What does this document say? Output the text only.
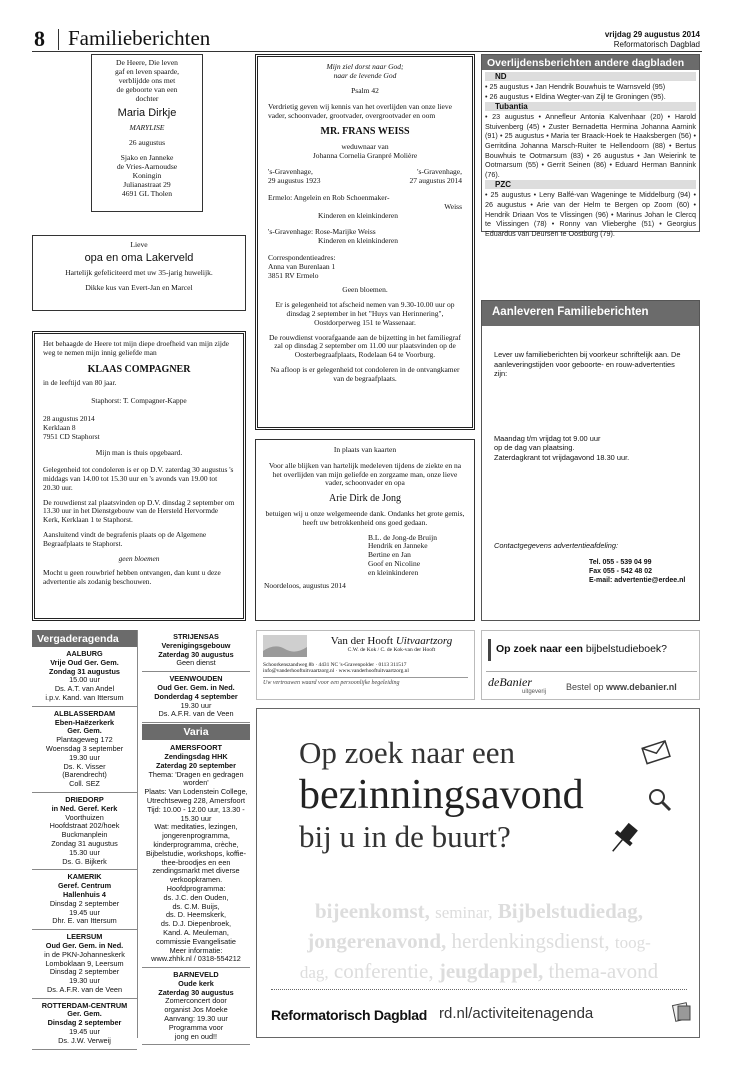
8 Familieberichten	vrijdag 29 augustus 2014
Reformatorisch Dagblad
De Heere, Die leven
gaf en leven spaarde,
verblijdde ons met
de geboorte van een
dochter
Maria Dirkje
MARYLISE
26 augustus
Sjako en Janneke
de Vries-Aarnoudse
Koningin
Julianastraat 29
4691 GL Tholen
Lieve
opa en oma Lakerveld
Hartelijk gefeliciteerd met uw 35-jarig huwelijk.
Dikke kus van Evert-Jan en Marcel
Het behaagde de Heere tot mijn diepe droefheid van mijn zijde weg te nemen mijn innig geliefde man
KLAAS COMPAGNER
in de leeftijd van 80 jaar.
Staphorst: T. Compagner-Kappe
28 augustus 2014
Kerklaan 8
7951 CD Staphorst
Mijn man is thuis opgebaard.
Gelegenheid tot condoleren is er op D.V. zaterdag 30 augustus 's middags van 14.00 tot 15.30 uur en 's avonds van 19.00 tot 20.30 uur.
De rouwdienst zal plaatsvinden op D.V. dinsdag 2 september om 13.30 uur in het Dienstgebouw van de Hersteld Hervormde Kerk, Kerklaan 1 te Staphorst.
Aansluitend vindt de begrafenis plaats op de Algemene Begraafplaats te Staphorst.
geen bloemen
Mocht u geen rouwbrief hebben ontvangen, dan kunt u deze advertentie als zodanig beschouwen.
Mijn ziel dorst naar God;
naar de levende God
Psalm 42
Verdrietig geven wij kennis van het overlijden van onze lieve vader, schoonvader, grootvader, overgrootvader en oom
MR. FRANS WEISS
weduwnaar van
Johanna Cornelia Granpré Molière
's-Gravenhage,
29 augustus 1923
's-Gravenhage,
27 augustus 2014
Ermelo: Angelein en Rob Schoenmaker-
Weiss
Kinderen en kleinkinderen
's-Gravenhage: Rose-Marijke Weiss
Kinderen en kleinkinderen
Correspondentieadres:
Anna van Burenlaan 1
3851 RV Ermelo
Geen bloemen.
Er is gelegenheid tot afscheid nemen van 9.30-10.00 uur op dinsdag 2 september in het "Huys van Herinnering", Oostdorperweg 151 te Wassenaar.
De rouwdienst voorafgaande aan de bijzetting in het familiegraf zal op dinsdag 2 september om 11.00 uur plaatsvinden op de Oosterbegraafplaats, Rodelaan 64 te Voorburg.
Na afloop is er gelegenheid tot condoleren in de ontvangkamer van de begraafplaats.
In plaats van kaarten
Voor alle blijken van hartelijk medeleven tijdens de ziekte en na het overlijden van mijn geliefde en zorgzame man, onze lieve vader, schoonvader en opa
Arie Dirk de Jong
betuigen wij u onze welgemeende dank. Ondanks het grote gemis, heeft uw betrokkenheid ons goed gedaan.
B.L. de Jong-de Bruijn
Hendrik en Janneke
Bertine en Jan
Goof en Nicoline
en kleinkinderen
Noordeloos, augustus 2014
Overlijdensberichten andere dagbladen
ND
• 25 augustus • Jan Hendrik Bouwhuis te Warnsveld (95)
• 26 augustus • Eldina Wegter-van Zijl te Groningen (95).
Tubantia
• 23 augustus • Annefleur Antonia Kalvenhaar (20) • Harold Stuivenberg (45) • Zuster Bernadetta Hermina Johanna Aarnink (91) • 25 augustus • Maria ter Braack-Hoek te Haaksbergen (56) • Gerritdina Johanna Marsch-Ruiter te Hellendoorn (88) • Bertus Bouwhuis te Ootmarsum (83) • 26 augustus • Jan Weierink te Ootmarsum (55) • Gerrit Seinen (86) • Eduard Herman Bannink (76).
PZC
• 25 augustus • Leny Balfé-van Wageninge te Middelburg (94) • 26 augustus • Arie van der Helm te Bergen op Zoom (60) • Hendrik Driaan Vos te Vlissingen (96) • Marinus Johan le Clercq te Vlissingen (78) • Ronny van Vlieberghe (51) • Georgius Eduardus van Deursen te Oostburg (79).
Aanleveren Familieberichten
Lever uw familieberichten bij voorkeur schriftelijk aan. De aanleveringstijden voor geboorte- en rouw-advertenties zijn:
Maandag t/m vrijdag tot 9.00 uur
op de dag van plaatsing.
Zaterdagkrant tot vrijdagavond 18.30 uur.
Contactgegevens advertentieafdeling:
Tel. 055 - 539 04 99
Fax 055 - 542 48 02
E-mail: advertentie@erdee.nl
Vergaderagenda
AALBURG
Vrije Oud Ger. Gem.
Zondag 31 augustus
15.00 uur
Ds. A.T. van Andel
i.p.v. Kand. van Ittersum
ALBLASSERDAM
Eben-Haëzerkerk
Ger. Gem.
Plantageweg 172
Woensdag 3 september
19.30 uur
Ds. K. Visser
(Barendrecht)
Coll. SEZ
DRIEDORP
in Ned. Geref. Kerk
Voorthuizen
Hoofdstraat 202/hoek
Buckmanplein
Zondag 31 augustus
15.30 uur
Ds. G. Bijkerk
KAMERIK
Geref. Centrum
Hallenhuis 4
Dinsdag 2 september
19.45 uur
Dhr. E. van Ittersum
LEERSUM
Oud Ger. Gem. in Ned.
in de PKN-Johanneskerk
Lomboklaan 9, Leersum
Dinsdag 2 september
19.30 uur
Ds. A.F.R. van de Veen
ROTTERDAM-CENTRUM
Ger. Gem.
Dinsdag 2 september
19.45 uur
Ds. J.W. Verweij
STRIJENSAS
Verenigingsgebouw
Zaterdag 30 augustus
Geen dienst
VEENWOUDEN
Oud Ger. Gem. in Ned.
Donderdag 4 september
19.30 uur
Ds. A.F.R. van de Veen
Varia
AMERSFOORT
Zendingsdag HHK
Zaterdag 20 september
Thema: 'Dragen en gedragen worden'
Plaats: Van Lodenstein College, Utrechtseweg 228, Amersfoort
Tijd: 10.00 - 12.00 uur, 13.30 - 15.30 uur
Wat: meditaties, lezingen, jongerenprogramma, kinderprogramma, crèche, Bijbelstudie, workshops, koffie-thee-broodjes en een zendingsmarkt met diverse verkoopkramen.
Hoofdprogramma:
ds. J.C. den Ouden,
ds. C.M. Buijs,
ds. D. Heemskerk,
ds. D.J. Diepenbroek,
Kand. A. Meuleman,
commissie Evangelisatie
Meer informatie:
www.zhhk.nl / 0318-554212
BARNEVELD
Oude kerk
Zaterdag 30 augustus
Zomerconcert door
organist Jos Moeke
Aanvang: 19.30 uur
Programma voor
jong en oud!!
Van der Hooft Uitvaartzorg
C.W. de Kok / C. de Kok-van der Hooft
Schoorkenszandweg 8b · 4431 NC 's-Gravenpolder · 0113 311517
info@vanderhooftuitvaartzorg.nl · www.vanderhooftuitvaartzorg.nl
Uw vertrouwen waard voor een persoonlijke begeleiding
Op zoek naar een bijbelstudieboek?
deBanier
uitgeverij Bestel op www.debanier.nl
Op zoek naar een
bezinningsavond
bij u in de buurt?
bijeenkomst, seminar, Bijbelstudiedag,
jongerenavond, herdenkingsdienst, toog-
dag, conferentie, jeugdappel, thema-avond
Reformatorisch Dagblad rd.nl/activiteitenagenda
